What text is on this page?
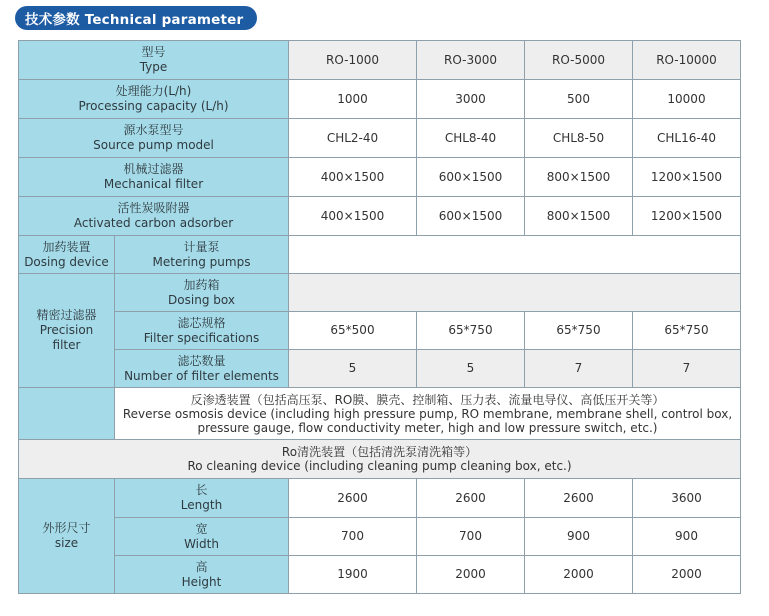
技术参数 Technical parameter
型号
Type		RO-1000	RO-3000	RO-5000	RO-10000

处理能力(L/h)
Processing capacity (L/h)		1000	3000	500	10000

源水泵型号
Source pump model		CHL2-40	CHL8-40	CHL8-50	CHL16-40

机械过滤器
Mechanical filter		400×1500	600×1500	800×1500	1200×1500

活性炭吸附器
Activated carbon adsorber		400×1500	600×1500	800×1500	1200×1500

加药装置
Dosing device	计量泵
Metering pumps				

精密过滤器
Precision
filter	加药箱
Dosing box				

	滤芯规格
Filter specifications	65*500	65*750	65*750	65*750

	滤芯数量
Number of filter elements	5	5	7	7

	反渗透装置（包括高压泵、RO膜、膜壳、控制箱、压力表、流量电导仪、高低压开关等）
Reverse osmosis device (including high pressure pump, RO membrane, membrane shell, control box,
pressure gauge, flow conductivity meter, high and low pressure switch, etc.)				

Ro清洗装置（包括清洗泵清洗箱等）
Ro cleaning device (including cleaning pump cleaning box, etc.)					

外形尺寸
size	长
Length	2600	2600	2600	3600

	宽
Width	700	700	900	900

	高
Height	1900	2000	2000	2000
